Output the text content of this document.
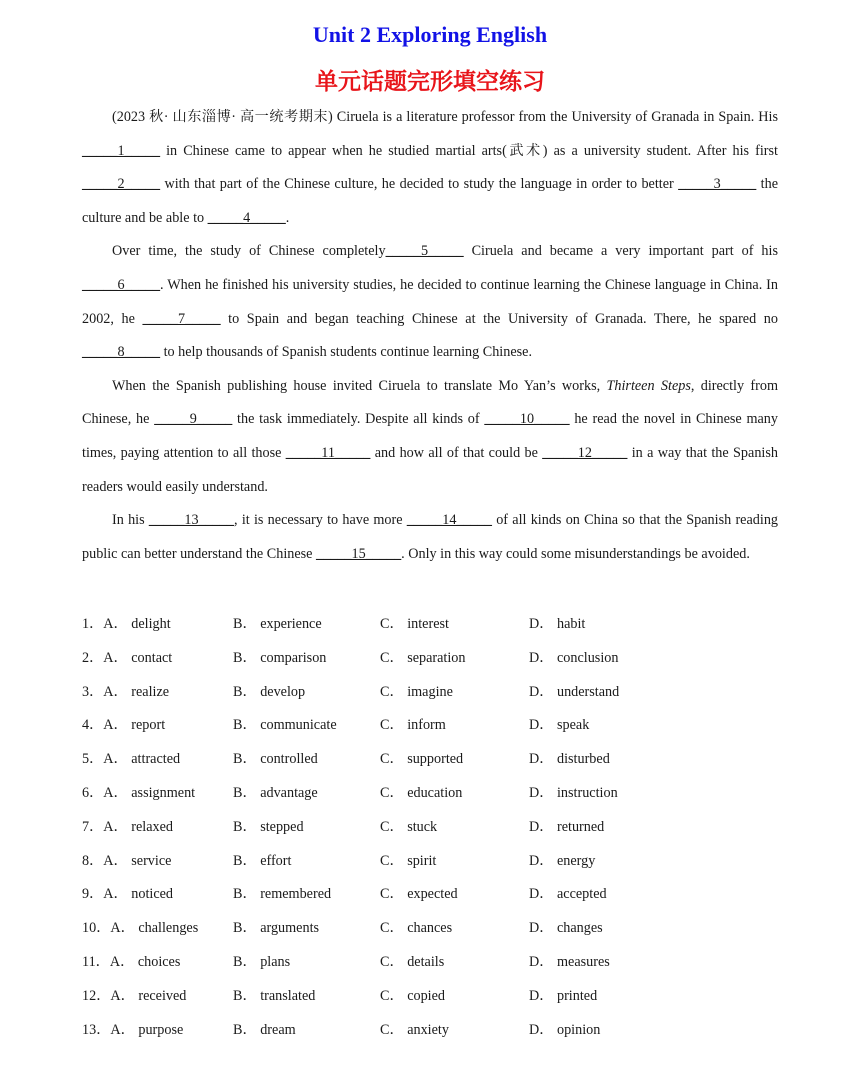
Unit 2 Exploring English
单元话题完形填空练习

(2023 秋· 山东淄博· 高一统考期末) Ciruela is a literature professor from the University of Granada in Spain. His _____1_____ in Chinese came to appear when he studied martial arts(武术) as a university student. After his first _____2_____ with that part of the Chinese culture, he decided to study the language in order to better _____3_____ the culture and be able to _____4_____.

Over time, the study of Chinese completely_____5_____ Ciruela and became a very important part of his _____6_____. When he finished his university studies, he decided to continue learning the Chinese language in China. In 2002, he _____7_____ to Spain and began teaching Chinese at the University of Granada. There, he spared no _____8_____ to help thousands of Spanish students continue learning Chinese.

When the Spanish publishing house invited Ciruela to translate Mo Yan’s works, Thirteen Steps, directly from Chinese, he _____9_____ the task immediately. Despite all kinds of _____10_____ he read the novel in Chinese many times, paying attention to all those _____11_____ and how all of that could be _____12_____ in a way that the Spanish readers would easily understand.

In his _____13_____, it is necessary to have more _____14_____ of all kinds on China so that the Spanish reading public can better understand the Chinese _____15_____. Only in this way could some misunderstandings be avoided.

1．A． delight	B． experience	C． interest	D． habit
2．A． contact	B． comparison	C． separation	D． conclusion
3．A． realize	B． develop	C． imagine	D． understand
4．A． report	B． communicate	C． inform	D． speak
5．A． attracted	B． controlled	C． supported	D． disturbed
6．A． assignment	B． advantage	C． education	D． instruction
7．A． relaxed	B． stepped	C． stuck	D． returned
8．A． service	B． effort	C． spirit	D． energy
9．A． noticed	B． remembered	C． expected	D． accepted
10．A． challenges B． arguments	C． chances	D． changes
11．A． choices	B． plans	C． details	D． measures
12．A． received	B． translated	C． copied	D． printed
13．A． purpose	B． dream	C． anxiety	D． opinion
